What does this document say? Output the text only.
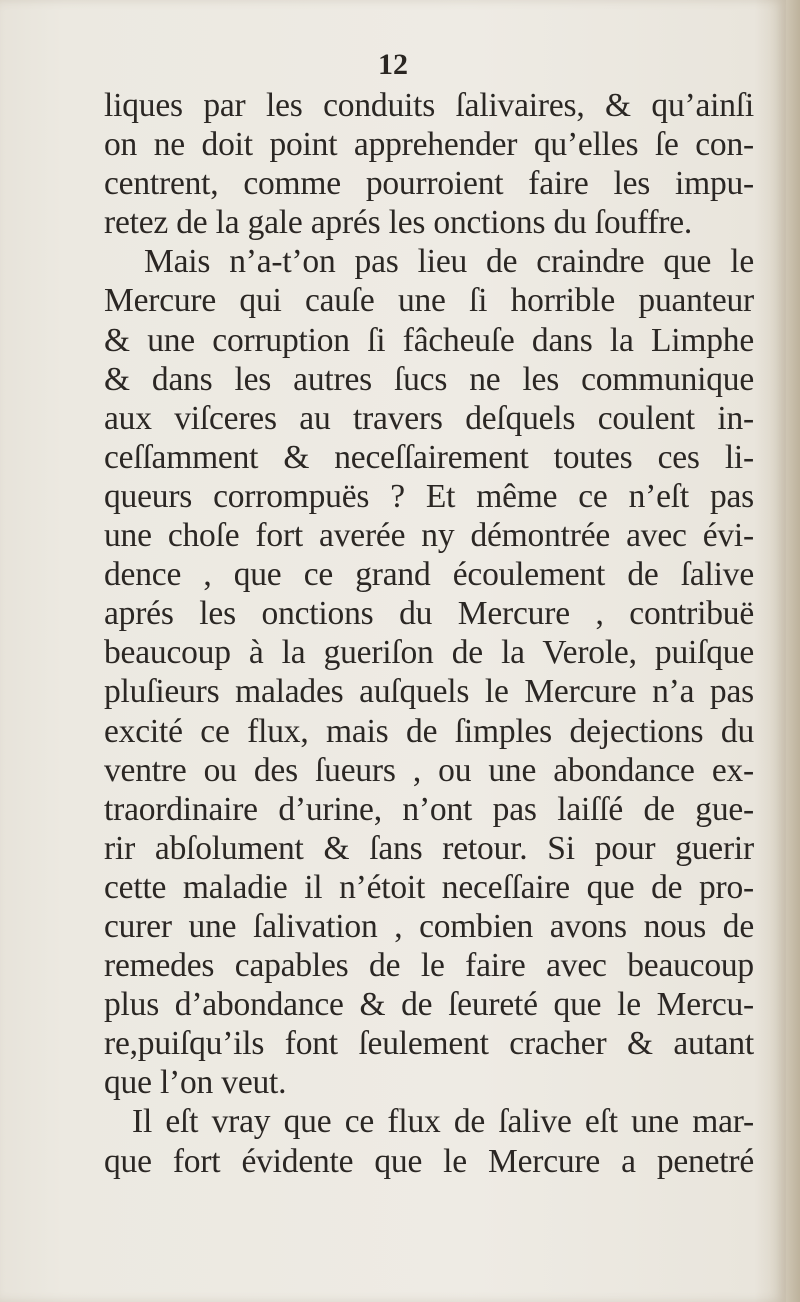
12
liques par les conduits ſalivaires, & qu’ainſi
on ne doit point apprehender qu’elles ſe con-
centrent, comme pourroient faire les impu-
retez de la gale aprés les onctions du ſouffre.
Mais n’a-t’on pas lieu de craindre que le
Mercure qui cauſe une ſi horrible puanteur
& une corruption ſi fâcheuſe dans la Limphe
& dans les autres ſucs ne les communique
aux viſceres au travers deſquels coulent in-
ceſſamment & neceſſairement toutes ces li-
queurs corrompuës ? Et même ce n’eſt pas
une choſe fort averée ny démontrée avec évi-
dence , que ce grand écoulement de ſalive
aprés les onctions du Mercure , contribuë
beaucoup à la gueriſon de la Verole, puiſque
pluſieurs malades auſquels le Mercure n’a pas
excité ce flux, mais de ſimples dejections du
ventre ou des ſueurs , ou une abondance ex-
traordinaire d’urine, n’ont pas laiſſé de gue-
rir abſolument & ſans retour. Si pour guerir
cette maladie il n’étoit neceſſaire que de pro-
curer une ſalivation , combien avons nous de
remedes capables de le faire avec beaucoup
plus d’abondance & de ſeureté que le Mercu-
re,puiſqu’ils font ſeulement cracher & autant
que l’on veut.
Il eſt vray que ce flux de ſalive eſt une mar-
que fort évidente que le Mercure a penetré
